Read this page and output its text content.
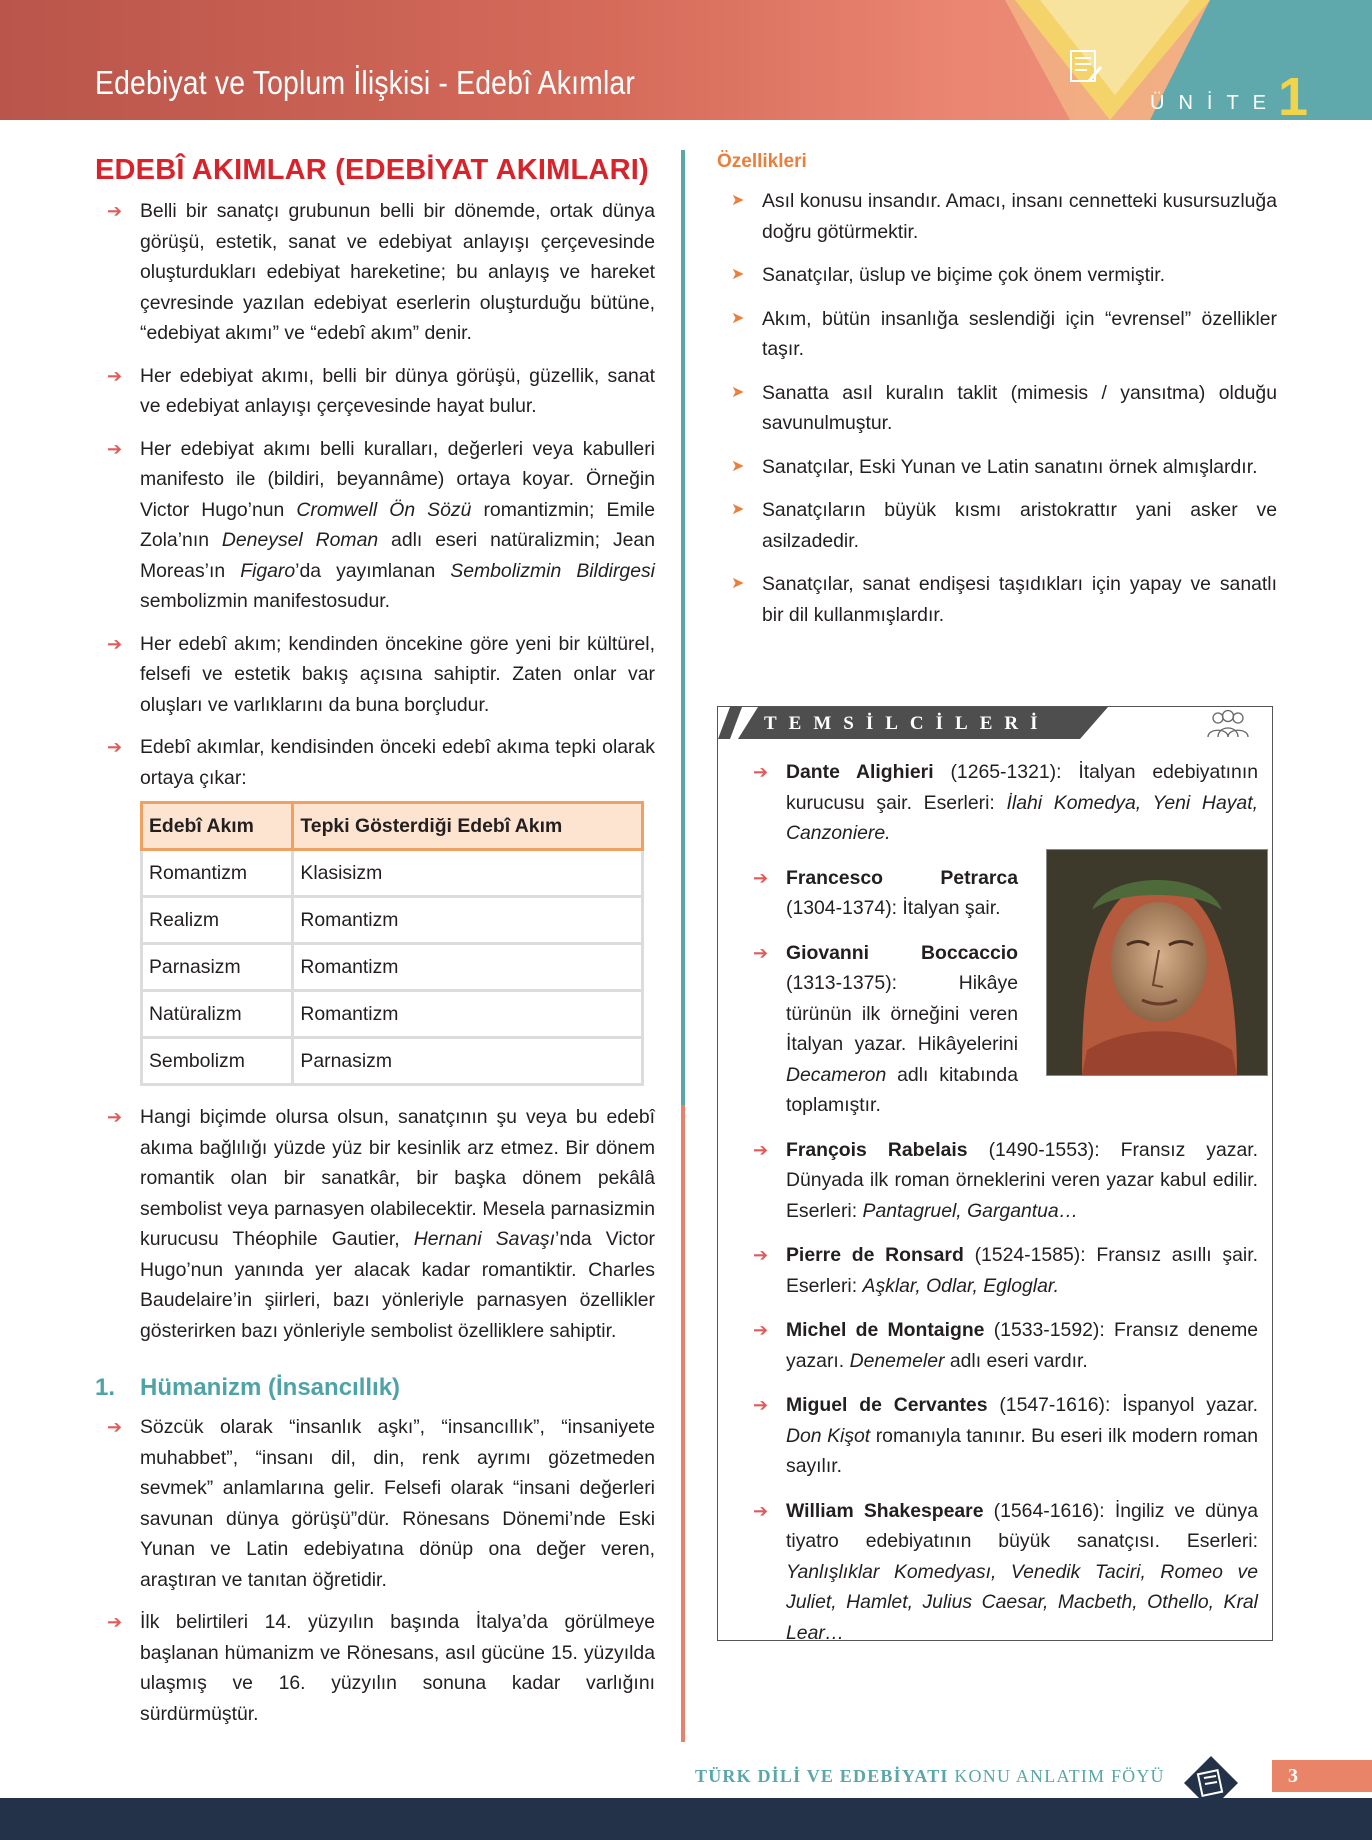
Edebiyat ve Toplum İlişkisi - Edebî Akımlar
ÜNİTE
1
EDEBÎ AKIMLAR (EDEBİYAT AKIMLARI)
➔ Belli bir sanatçı grubunun belli bir dönemde, ortak dünya görüşü, estetik, sanat ve edebiyat anlayışı çerçevesinde oluşturdukları edebiyat hareketine; bu anlayış ve hareket çevresinde yazılan edebiyat eserlerin oluşturduğu bütüne, “edebiyat akımı” ve “edebî akım” denir.
➔ Her edebiyat akımı, belli bir dünya görüşü, güzellik, sanat ve edebiyat anlayışı çerçevesinde hayat bulur.
➔ Her edebiyat akımı belli kuralları, değerleri veya kabulleri manifesto ile (bildiri, beyannâme) ortaya koyar. Örneğin Victor Hugo’nun Cromwell Ön Sözü romantizmin; Emile Zola’nın Deneysel Roman adlı eseri natüralizmin; Jean Moreas’ın Figaro’da yayımlanan Sembolizmin Bildirgesi sembolizmin manifestosudur.
➔ Her edebî akım; kendinden öncekine göre yeni bir kültürel, felsefi ve estetik bakış açısına sahiptir. Zaten onlar var oluşları ve varlıklarını da buna borçludur.
➔ Edebî akımlar, kendisinden önceki edebî akıma tepki olarak ortaya çıkar:
Edebî Akım	Tepki Gösterdiği Edebî Akım
Romantizm	Klasisizm
Realizm	Romantizm
Parnasizm	Romantizm
Natüralizm	Romantizm
Sembolizm	Parnasizm
➔ Hangi biçimde olursa olsun, sanatçının şu veya bu edebî akıma bağlılığı yüzde yüz bir kesinlik arz etmez. Bir dönem romantik olan bir sanatkâr, bir başka dönem pekâlâ sembolist veya parnasyen olabilecektir. Mesela parnasizmin kurucusu Théophile Gautier, Hernani Savaşı’nda Victor Hugo’nun yanında yer alacak kadar romantiktir. Charles Baudelaire’in şiirleri, bazı yönleriyle parnasyen özellikler gösterirken bazı yönleriyle sembolist özelliklere sahiptir.
1. Hümanizm (İnsancıllık)
➔ Sözcük olarak “insanlık aşkı”, “insancıllık”, “insaniyete muhabbet”, “insanı dil, din, renk ayrımı gözetmeden sevmek” anlamlarına gelir. Felsefi olarak “insani değerleri savunan dünya görüşü”dür. Rönesans Dönemi’nde Eski Yunan ve Latin edebiyatına dönüp ona değer veren, araştıran ve tanıtan öğretidir.
➔ İlk belirtileri 14. yüzyılın başında İtalya’da görülmeye başlanan hümanizm ve Rönesans, asıl gücüne 15. yüzyılda ulaşmış ve 16. yüzyılın sonuna kadar varlığını sürdürmüştür.
Özellikleri
➤ Asıl konusu insandır. Amacı, insanı cennetteki kusursuzluğa doğru götürmektir.
➤ Sanatçılar, üslup ve biçime çok önem vermiştir.
➤ Akım, bütün insanlığa seslendiği için “evrensel” özellikler taşır.
➤ Sanatta asıl kuralın taklit (mimesis / yansıtma) olduğu savunulmuştur.
➤ Sanatçılar, Eski Yunan ve Latin sanatını örnek almışlardır.
➤ Sanatçıların büyük kısmı aristokrattır yani asker ve asilzadedir.
➤ Sanatçılar, sanat endişesi taşıdıkları için yapay ve sanatlı bir dil kullanmışlardır.
TEMSİLCİLERİ
➔ Dante Alighieri (1265-1321): İtalyan edebiyatının kurucusu şair. Eserleri: İlahi Komedya, Yeni Hayat, Canzoniere.
➔ Francesco Petrarca (1304-1374): İtalyan şair.
➔ Giovanni Boccaccio (1313-1375): Hikâye türünün ilk örneğini veren İtalyan yazar. Hikâyelerini Decameron adlı kitabında toplamıştır.
➔ François Rabelais (1490-1553): Fransız yazar. Dünyada ilk roman örneklerini veren yazar kabul edilir. Eserleri: Pantagruel, Gargantua…
➔ Pierre de Ronsard (1524-1585): Fransız asıllı şair. Eserleri: Aşklar, Odlar, Egloglar.
➔ Michel de Montaigne (1533-1592): Fransız deneme yazarı. Denemeler adlı eseri vardır.
➔ Miguel de Cervantes (1547-1616): İspanyol yazar. Don Kişot romanıyla tanınır. Bu eseri ilk modern roman sayılır.
➔ William Shakespeare (1564-1616): İngiliz ve dünya tiyatro edebiyatının büyük sanatçısı. Eserleri: Yanlışlıklar Komedyası, Venedik Taciri, Romeo ve Juliet, Hamlet, Julius Caesar, Macbeth, Othello, Kral Lear…
TÜRK DİLİ VE EDEBİYATI KONU ANLATIM FÖYÜ	3
